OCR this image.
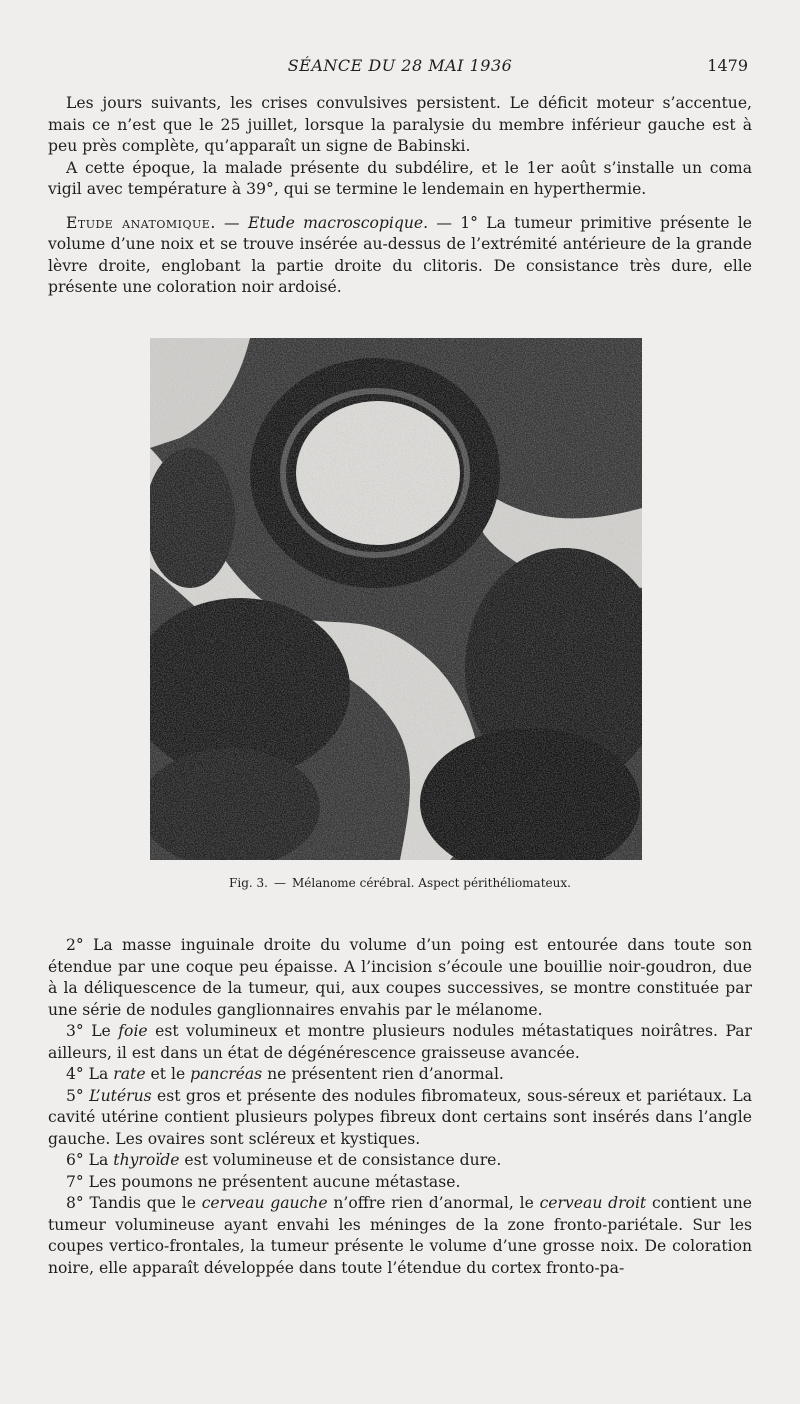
SÉANCE DU 28 MAI 1936	1479

Les jours suivants, les crises convulsives persistent. Le déficit moteur s’accentue, mais ce n’est que le 25 juillet, lorsque la paralysie du membre inférieur gauche est à peu près complète, qu’apparaît un signe de Babinski.

A cette époque, la malade présente du subdélire, et le 1er août s’installe un coma vigil avec température à 39°, qui se termine le lendemain en hyperthermie.

Etude anatomique. — Etude macroscopique. — 1° La tumeur primitive présente le volume d’une noix et se trouve insérée au-dessus de l’extrémité antérieure de la grande lèvre droite, englobant la partie droite du clitoris. De consistance très dure, elle présente une coloration noir ardoisé.

Fig. 3. — Mélanome cérébral. Aspect périthéliomateux.

2° La masse inguinale droite du volume d’un poing est entourée dans toute son étendue par une coque peu épaisse. A l’incision s’écoule une bouillie noir-goudron, due à la déliquescence de la tumeur, qui, aux coupes successives, se montre constituée par une série de nodules ganglionnaires envahis par le mélanome.

3° Le foie est volumineux et montre plusieurs nodules métastatiques noirâtres. Par ailleurs, il est dans un état de dégénérescence graisseuse avancée.

4° La rate et le pancréas ne présentent rien d’anormal.

5° L’utérus est gros et présente des nodules fibromateux, sous-séreux et pariétaux. La cavité utérine contient plusieurs polypes fibreux dont certains sont insérés dans l’angle gauche. Les ovaires sont scléreux et kystiques.

6° La thyroïde est volumineuse et de consistance dure.

7° Les poumons ne présentent aucune métastase.

8° Tandis que le cerveau gauche n’offre rien d’anormal, le cerveau droit contient une tumeur volumineuse ayant envahi les méninges de la zone fronto-pariétale. Sur les coupes vertico-frontales, la tumeur présente le volume d’une grosse noix. De coloration noire, elle apparaît développée dans toute l’étendue du cortex fronto-pa-
